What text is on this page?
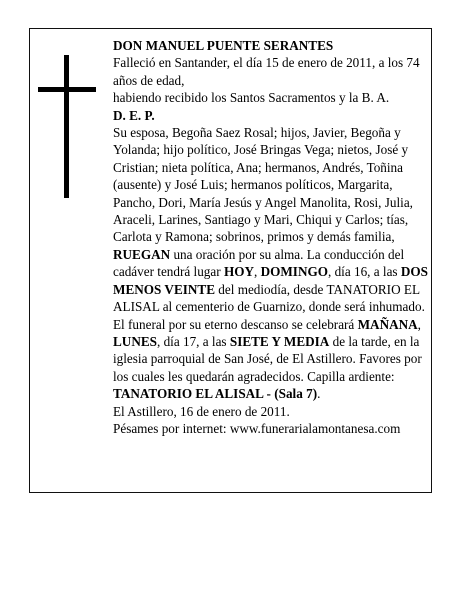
DON MANUEL PUENTE SERANTES

Falleció en Santander, el día 15 de enero de 2011, a los 74 años de edad,

habiendo recibido los Santos Sacramentos y la B. A.

D. E. P.

Su esposa, Begoña Saez Rosal; hijos, Javier, Begoña y Yolanda; hijo político, José Bringas Vega; nietos, José y Cristian; nieta política, Ana; hermanos, Andrés, Toñina (ausente) y José Luis; hermanos políticos, Margarita, Pancho, Dori, María Jesús y Angel Manolita, Rosi, Julia, Araceli, Larines, Santiago y Mari, Chiqui y Carlos; tías, Carlota y Ramona; sobrinos, primos y demás familia,

RUEGAN una oración por su alma. La conducción del cadáver tendrá lugar HOY, DOMINGO, día 16, a las DOS MENOS VEINTE del mediodía, desde TANATORIO EL ALISAL al cementerio de Guarnizo, donde será inhumado. El funeral por su eterno descanso se celebrará MAÑANA, LUNES, día 17, a las SIETE Y MEDIA de la tarde, en la iglesia parroquial de San José, de El Astillero. Favores por los cuales les quedarán agradecidos. Capilla ardiente: TANATORIO EL ALISAL - (Sala 7).

El Astillero, 16 de enero de 2011.

Pésames por internet: www.funerarialamontanesa.com
